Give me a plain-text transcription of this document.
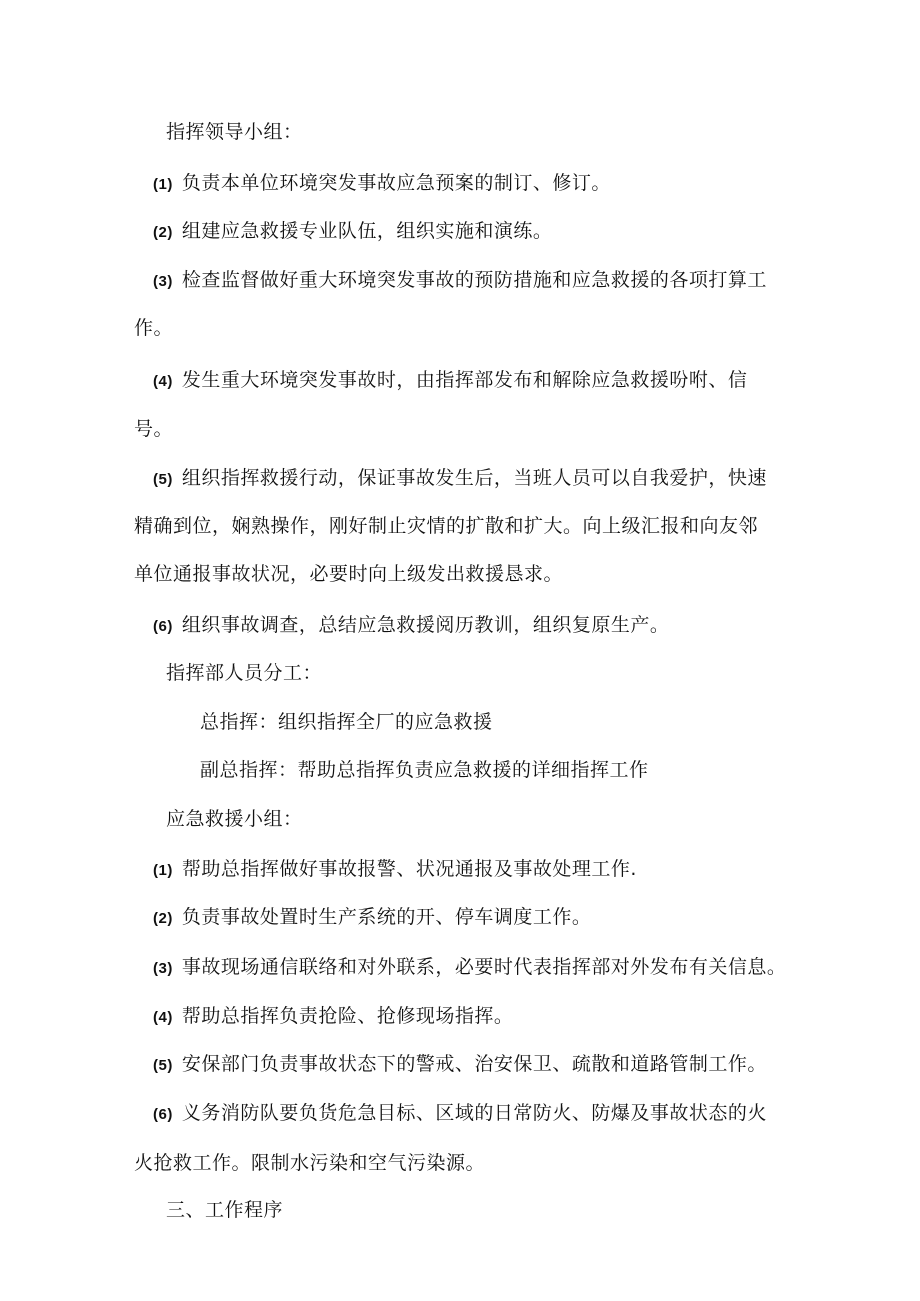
指挥领导小组：
(1) 负责本单位环境突发事故应急预案的制订、修订。
(2) 组建应急救援专业队伍，组织实施和演练。
(3) 检查监督做好重大环境突发事故的预防措施和应急救援的各项打算工
作。
(4) 发生重大环境突发事故时，由指挥部发布和解除应急救援吩咐、信
号。
(5) 组织指挥救援行动，保证事故发生后，当班人员可以自我爱护，快速
精确到位，娴熟操作，刚好制止灾情的扩散和扩大。向上级汇报和向友邻
单位通报事故状况，必要时向上级发出救援恳求。
(6) 组织事故调查，总结应急救援阅历教训，组织复原生产。
指挥部人员分工：
总指挥：组织指挥全厂的应急救援
副总指挥：帮助总指挥负责应急救援的详细指挥工作
应急救援小组：
(1) 帮助总指挥做好事故报警、状况通报及事故处理工作.
(2) 负责事故处置时生产系统的开、停车调度工作。
(3) 事故现场通信联络和对外联系，必要时代表指挥部对外发布有关信息。
(4) 帮助总指挥负责抢险、抢修现场指挥。
(5) 安保部门负责事故状态下的警戒、治安保卫、疏散和道路管制工作。
(6) 义务消防队要负货危急目标、区域的日常防火、防爆及事故状态的火
火抢救工作。限制水污染和空气污染源。
三、工作程序
